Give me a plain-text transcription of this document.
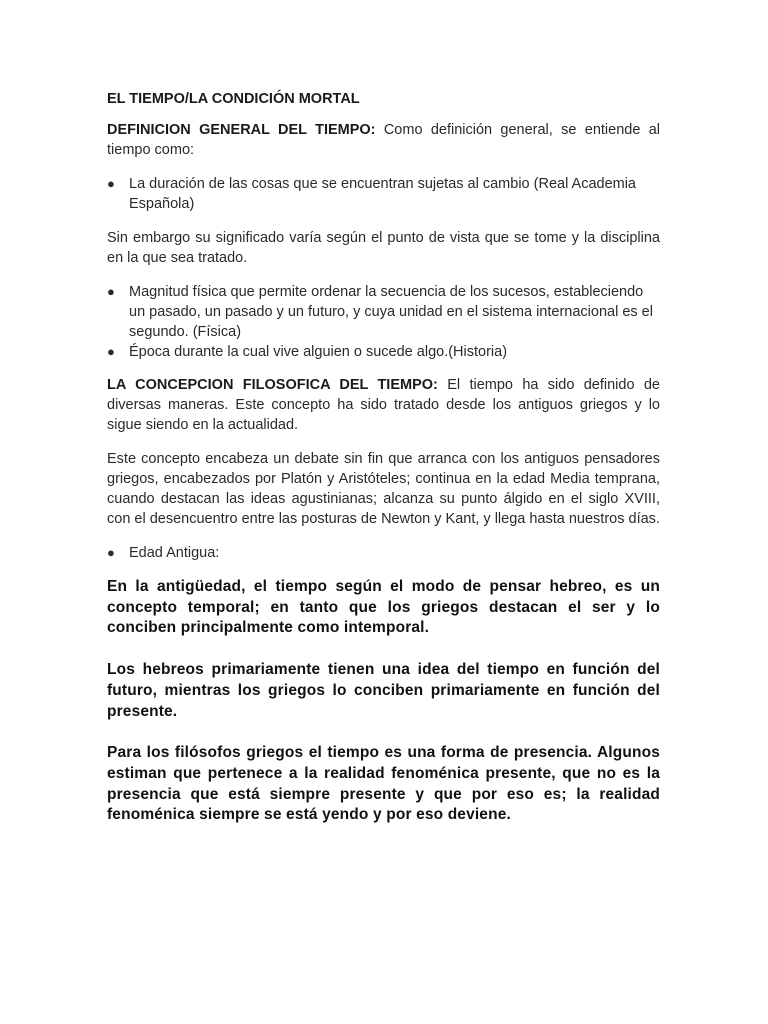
EL TIEMPO/LA CONDICIÓN MORTAL

DEFINICION GENERAL DEL TIEMPO: Como definición general, se entiende al tiempo como:

● La duración de las cosas que se encuentran sujetas al cambio (Real Academia Española)

Sin embargo su significado varía según el punto de vista que se tome y la disciplina en la que sea tratado.

● Magnitud física que permite ordenar la secuencia de los sucesos, estableciendo un pasado, un pasado y un futuro, y cuya unidad en el sistema internacional es el segundo. (Física)
● Época durante la cual vive alguien o sucede algo.(Historia)

LA CONCEPCION FILOSOFICA DEL TIEMPO: El tiempo ha sido definido de diversas maneras. Este concepto ha sido tratado desde los antiguos griegos y lo sigue siendo en la actualidad.

Este concepto encabeza un debate sin fin que arranca con los antiguos pensadores griegos, encabezados por Platón y Aristóteles; continua en la edad Media temprana, cuando destacan las ideas agustinianas; alcanza su punto álgido en el siglo XVIII, con el desencuentro entre las posturas de Newton y Kant, y llega hasta nuestros días.

● Edad Antigua:

En la antigüedad, el tiempo según el modo de pensar hebreo, es un concepto temporal; en tanto que los griegos destacan el ser y lo conciben principalmente como intemporal.

Los hebreos primariamente tienen una idea del tiempo en función del futuro, mientras los griegos lo conciben primariamente en función del presente.

Para los filósofos griegos el tiempo es una forma de presencia. Algunos estiman que pertenece a la realidad fenoménica presente, que no es la presencia que está siempre presente y que por eso es; la realidad fenoménica siempre se está yendo y por eso deviene.
